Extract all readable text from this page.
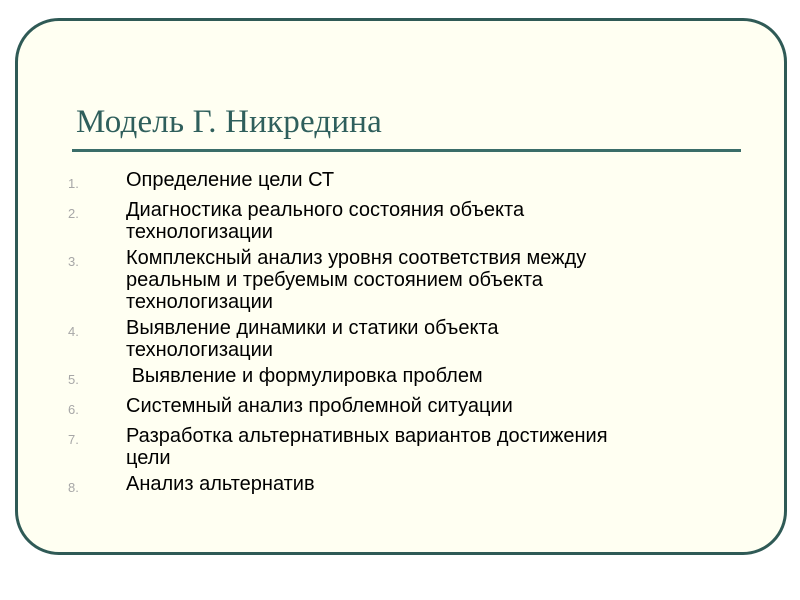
Модель Г. Никредина
1.	Определение цели СТ
2.	Диагностика реального состояния объекта
технологизации
3.	Комплексный анализ уровня соответствия между
реальным и требуемым состоянием объекта
технологизации
4.	Выявление динамики и статики объекта
технологизации
5.	Выявление и формулировка проблем
6.	Системный анализ проблемной ситуации
7.	Разработка альтернативных вариантов достижения
цели
8.	Анализ альтернатив
